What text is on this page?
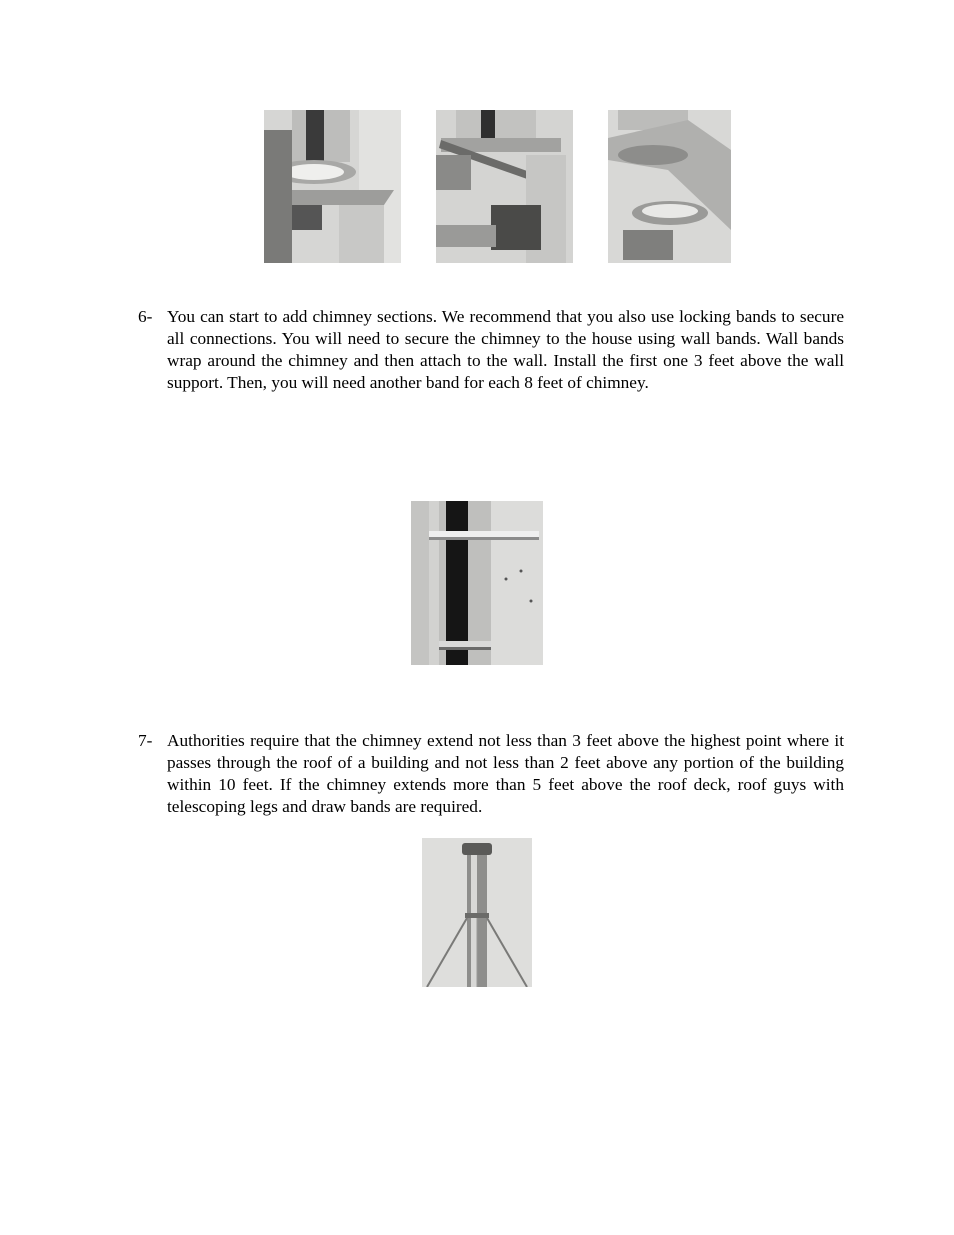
6- You can start to add chimney sections. We recommend that you also use locking bands to secure all connections. You will need to secure the chimney to the house using wall bands. Wall bands wrap around the chimney and then attach to the wall. Install the first one 3 feet above the wall support. Then, you will need another band for each 8 feet of chimney.
7- Authorities require that the chimney extend not less than 3 feet above the highest point where it passes through the roof of a building and not less than 2 feet above any portion of the building within 10 feet. If the chimney extends more than 5 feet above the roof deck, roof guys with telescoping legs and draw bands are required.
